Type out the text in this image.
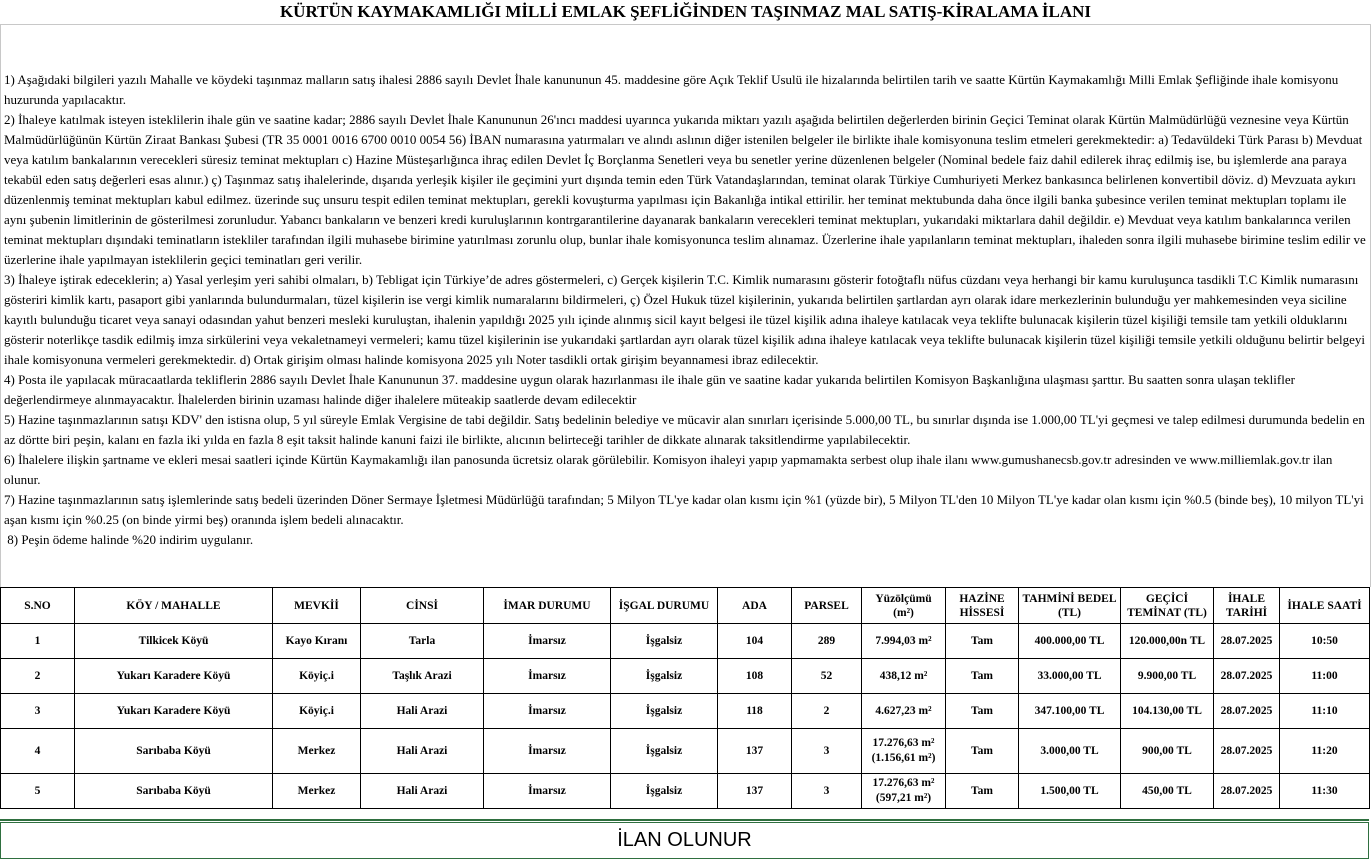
KÜRTÜN KAYMAKAMLIĞI MİLLİ EMLAK ŞEFLİĞİNDEN TAŞINMAZ MAL SATIŞ-KİRALAMA İLANI

1) Aşağıdaki bilgileri yazılı Mahalle ve köydeki taşınmaz malların satış ihalesi 2886 sayılı Devlet İhale kanununun 45. maddesine göre Açık Teklif Usulü ile hizalarında belirtilen tarih ve saatte Kürtün Kaymakamlığı Milli Emlak Şefliğinde ihale komisyonu huzurunda yapılacaktır.

2) İhaleye katılmak isteyen isteklilerin ihale gün ve saatine kadar; 2886 sayılı Devlet İhale Kanununun 26'ıncı maddesi uyarınca yukarıda miktarı yazılı aşağıda belirtilen değerlerden birinin Geçici Teminat olarak Kürtün Malmüdürlüğü veznesine veya Kürtün Malmüdürlüğünün Kürtün Ziraat Bankası Şubesi (TR 35 0001 0016 6700 0010 0054 56) İBAN numarasına yatırmaları ve alındı aslının diğer istenilen belgeler ile birlikte ihale komisyonuna teslim etmeleri gerekmektedir: a) Tedavüldeki Türk Parası b) Mevduat veya katılım bankalarının verecekleri süresiz teminat mektupları c) Hazine Müsteşarlığınca ihraç edilen Devlet İç Borçlanma Senetleri veya bu senetler yerine düzenlenen belgeler (Nominal bedele faiz dahil edilerek ihraç edilmiş ise, bu işlemlerde ana paraya tekabül eden satış değerleri esas alınır.) ç) Taşınmaz satış ihalelerinde, dışarıda yerleşik kişiler ile geçimini yurt dışında temin eden Türk Vatandaşlarından, teminat olarak Türkiye Cumhuriyeti Merkez bankasınca belirlenen konvertibil döviz. d) Mevzuata aykırı düzenlenmiş teminat mektupları kabul edilmez. üzerinde suç unsuru tespit edilen teminat mektupları, gerekli kovuşturma yapılması için Bakanlığa intikal ettirilir. her teminat mektubunda daha önce ilgili banka şubesince verilen teminat mektupları toplamı ile aynı şubenin limitlerinin de gösterilmesi zorunludur. Yabancı bankaların ve benzeri kredi kuruluşlarının kontrgarantilerine dayanarak bankaların verecekleri teminat mektupları, yukarıdaki miktarlara dahil değildir. e) Mevduat veya katılım bankalarınca verilen teminat mektupları dışındaki teminatların istekliler tarafından ilgili muhasebe birimine yatırılması zorunlu olup, bunlar ihale komisyonunca teslim alınamaz. Üzerlerine ihale yapılanların teminat mektupları, ihaleden sonra ilgili muhasebe birimine teslim edilir ve üzerlerine ihale yapılmayan isteklilerin geçici teminatları geri verilir.

3) İhaleye iştirak edeceklerin; a) Yasal yerleşim yeri sahibi olmaları, b) Tebligat için Türkiye’de adres göstermeleri, c) Gerçek kişilerin T.C. Kimlik numarasını gösterir fotoğtaflı nüfus cüzdanı veya herhangi bir kamu kuruluşunca tasdikli T.C Kimlik numarasını gösteriri kimlik kartı, pasaport gibi yanlarında bulundurmaları, tüzel kişilerin ise vergi kimlik numaralarını bildirmeleri, ç) Özel Hukuk tüzel kişilerinin, yukarıda belirtilen şartlardan ayrı olarak idare merkezlerinin bulunduğu yer mahkemesinden veya siciline kayıtlı bulunduğu ticaret veya sanayi odasından yahut benzeri mesleki kuruluştan, ihalenin yapıldığı 2025 yılı içinde alınmış sicil kayıt belgesi ile tüzel kişilik adına ihaleye katılacak veya teklifte bulunacak kişilerin tüzel kişiliği temsile tam yetkili olduklarını gösterir noterlikçe tasdik edilmiş imza sirkülerini veya vekaletnameyi vermeleri; kamu tüzel kişilerinin ise yukarıdaki şartlardan ayrı olarak tüzel kişilik adına ihaleye katılacak veya teklifte bulunacak kişilerin tüzel kişiliği temsile yetkili olduğunu belirtir belgeyi ihale komisyonuna vermeleri gerekmektedir. d) Ortak girişim olması halinde komisyona 2025 yılı Noter tasdikli ortak girişim beyannamesi ibraz edilecektir.

4) Posta ile yapılacak müracaatlarda tekliflerin 2886 sayılı Devlet İhale Kanununun 37. maddesine uygun olarak hazırlanması ile ihale gün ve saatine kadar yukarıda belirtilen Komisyon Başkanlığına ulaşması şarttır. Bu saatten sonra ulaşan teklifler değerlendirmeye alınmayacaktır. İhalelerden birinin uzaması halinde diğer ihalelere müteakip saatlerde devam edilecektir

5) Hazine taşınmazlarının satışı KDV' den istisna olup, 5 yıl süreyle Emlak Vergisine de tabi değildir. Satış bedelinin belediye ve mücavir alan sınırları içerisinde 5.000,00 TL, bu sınırlar dışında ise 1.000,00 TL'yi geçmesi ve talep edilmesi durumunda bedelin en az dörtte biri peşin, kalanı en fazla iki yılda en fazla 8 eşit taksit halinde kanuni faizi ile birlikte, alıcının belirteceği tarihler de dikkate alınarak taksitlendirme yapılabilecektir.

6) İhalelere ilişkin şartname ve ekleri mesai saatleri içinde Kürtün Kaymakamlığı ilan panosunda ücretsiz olarak görülebilir. Komisyon ihaleyi yapıp yapmamakta serbest olup ihale ilanı www.gumushanecsb.gov.tr adresinden ve www.milliemlak.gov.tr ilan olunur.

7) Hazine taşınmazlarının satış işlemlerinde satış bedeli üzerinden Döner Sermaye İşletmesi Müdürlüğü tarafından; 5 Milyon TL'ye kadar olan kısmı için %1 (yüzde bir), 5 Milyon TL'den 10 Milyon TL'ye kadar olan kısmı için %0.5 (binde beş), 10 milyon TL'yi aşan kısmı için %0.25 (on binde yirmi beş) oranında işlem bedeli alınacaktır.

8) Peşin ödeme halinde %20 indirim uygulanır.

S.NO	KÖY / MAHALLE	MEVKİİ	CİNSİ	İMAR DURUMU	İŞGAL DURUMU	ADA	PARSEL	Yüzölçümü (m²)	HAZİNE HİSSESİ	TAHMİNİ BEDEL (TL)	GEÇİCİ TEMİNAT (TL)	İHALE TARİHİ	İHALE SAATİ
1	Tilkicek Köyü	Kayo Kıranı	Tarla	İmarsız	İşgalsiz	104	289	7.994,03 m²	Tam	400.000,00 TL	120.000,00n TL	28.07.2025	10:50
2	Yukarı Karadere Köyü	Köyiç.i	Taşlık Arazi	İmarsız	İşgalsiz	108	52	438,12 m²	Tam	33.000,00 TL	9.900,00 TL	28.07.2025	11:00
3	Yukarı Karadere Köyü	Köyiç.i	Hali Arazi	İmarsız	İşgalsiz	118	2	4.627,23 m²	Tam	347.100,00 TL	104.130,00 TL	28.07.2025	11:10
4	Sarıbaba Köyü	Merkez	Hali Arazi	İmarsız	İşgalsiz	137	3	17.276,63 m² (1.156,61 m²)	Tam	3.000,00 TL	900,00 TL	28.07.2025	11:20
5	Sarıbaba Köyü	Merkez	Hali Arazi	İmarsız	İşgalsiz	137	3	17.276,63 m² (597,21 m²)	Tam	1.500,00 TL	450,00 TL	28.07.2025	11:30
İLAN OLUNUR
